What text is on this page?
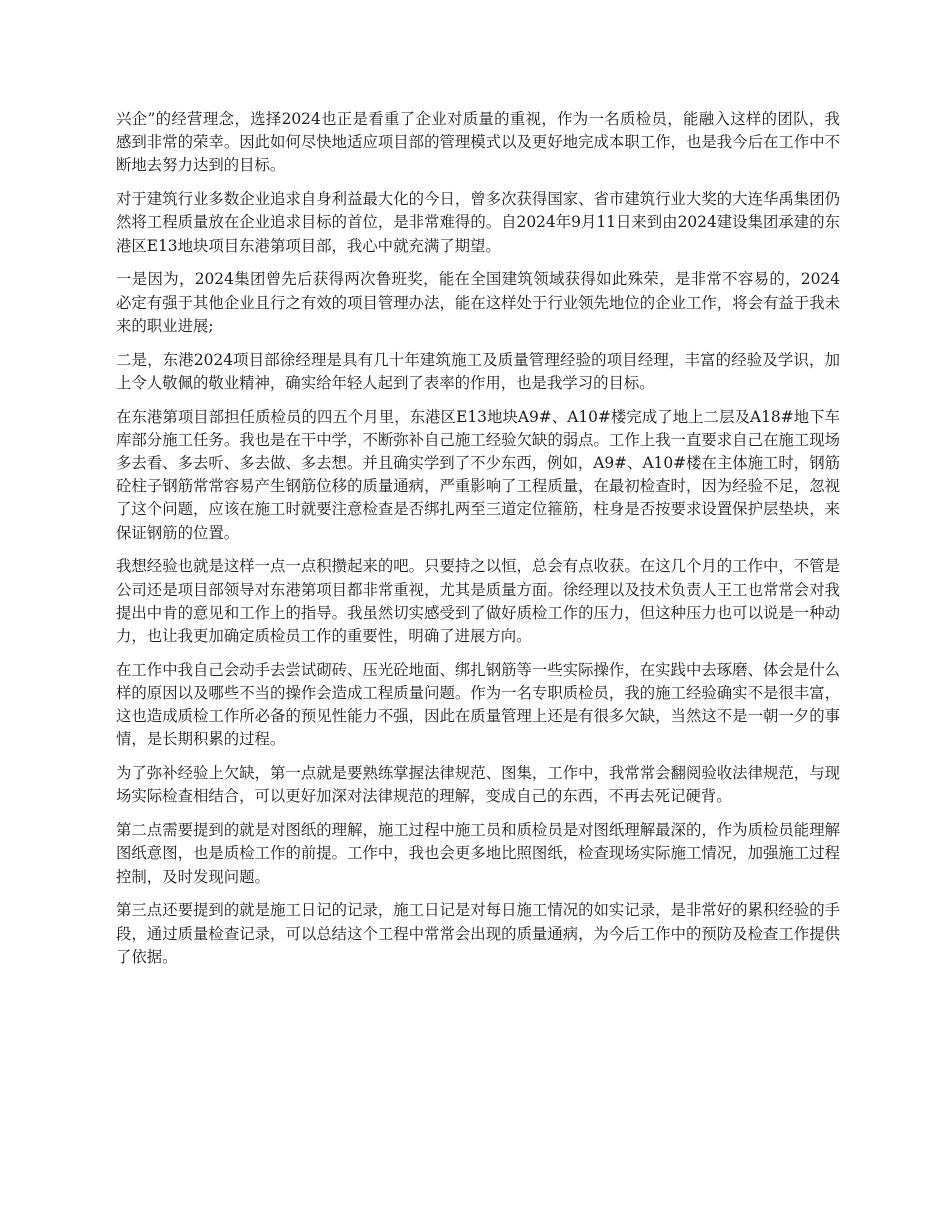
兴企”的经营理念，选择2024也正是看重了企业对质量的重视，作为一名质检员，能融入这样的团队，我感到非常的荣幸。因此如何尽快地适应项目部的管理模式以及更好地完成本职工作，也是我今后在工作中不断地去努力达到的目标。

对于建筑行业多数企业追求自身利益最大化的今日，曾多次获得国家、省市建筑行业大奖的大连华禹集团仍然将工程质量放在企业追求目标的首位，是非常难得的。自2024年9月11日来到由2024建设集团承建的东港区E13地块项目东港第项目部，我心中就充满了期望。

一是因为，2024集团曾先后获得两次鲁班奖，能在全国建筑领域获得如此殊荣，是非常不容易的，2024必定有强于其他企业且行之有效的项目管理办法，能在这样处于行业领先地位的企业工作，将会有益于我未来的职业进展;

二是，东港2024项目部徐经理是具有几十年建筑施工及质量管理经验的项目经理，丰富的经验及学识，加上令人敬佩的敬业精神，确实给年轻人起到了表率的作用，也是我学习的目标。

在东港第项目部担任质检员的四五个月里，东港区E13地块A9#、A10#楼完成了地上二层及A18#地下车库部分施工任务。我也是在干中学，不断弥补自己施工经验欠缺的弱点。工作上我一直要求自己在施工现场多去看、多去听、多去做、多去想。并且确实学到了不少东西，例如，A9#、A10#楼在主体施工时，钢筋砼柱子钢筋常常容易产生钢筋位移的质量通病，严重影响了工程质量，在最初检查时，因为经验不足，忽视了这个问题，应该在施工时就要注意检查是否绑扎两至三道定位箍筋，柱身是否按要求设置保护层垫块，来保证钢筋的位置。

我想经验也就是这样一点一点积攒起来的吧。只要持之以恒，总会有点收获。在这几个月的工作中，不管是公司还是项目部领导对东港第项目都非常重视，尤其是质量方面。徐经理以及技术负责人王工也常常会对我提出中肯的意见和工作上的指导。我虽然切实感受到了做好质检工作的压力，但这种压力也可以说是一种动力，也让我更加确定质检员工作的重要性，明确了进展方向。

在工作中我自己会动手去尝试砌砖、压光砼地面、绑扎钢筋等一些实际操作，在实践中去琢磨、体会是什么样的原因以及哪些不当的操作会造成工程质量问题。作为一名专职质检员，我的施工经验确实不是很丰富，这也造成质检工作所必备的预见性能力不强，因此在质量管理上还是有很多欠缺，当然这不是一朝一夕的事情，是长期积累的过程。

为了弥补经验上欠缺，第一点就是要熟练掌握法律规范、图集，工作中，我常常会翻阅验收法律规范，与现场实际检查相结合，可以更好加深对法律规范的理解，变成自己的东西，不再去死记硬背。

第二点需要提到的就是对图纸的理解，施工过程中施工员和质检员是对图纸理解最深的，作为质检员能理解图纸意图，也是质检工作的前提。工作中，我也会更多地比照图纸，检查现场实际施工情况，加强施工过程控制，及时发现问题。

第三点还要提到的就是施工日记的记录，施工日记是对每日施工情况的如实记录，是非常好的累积经验的手段，通过质量检查记录，可以总结这个工程中常常会出现的质量通病，为今后工作中的预防及检查工作提供了依据。
